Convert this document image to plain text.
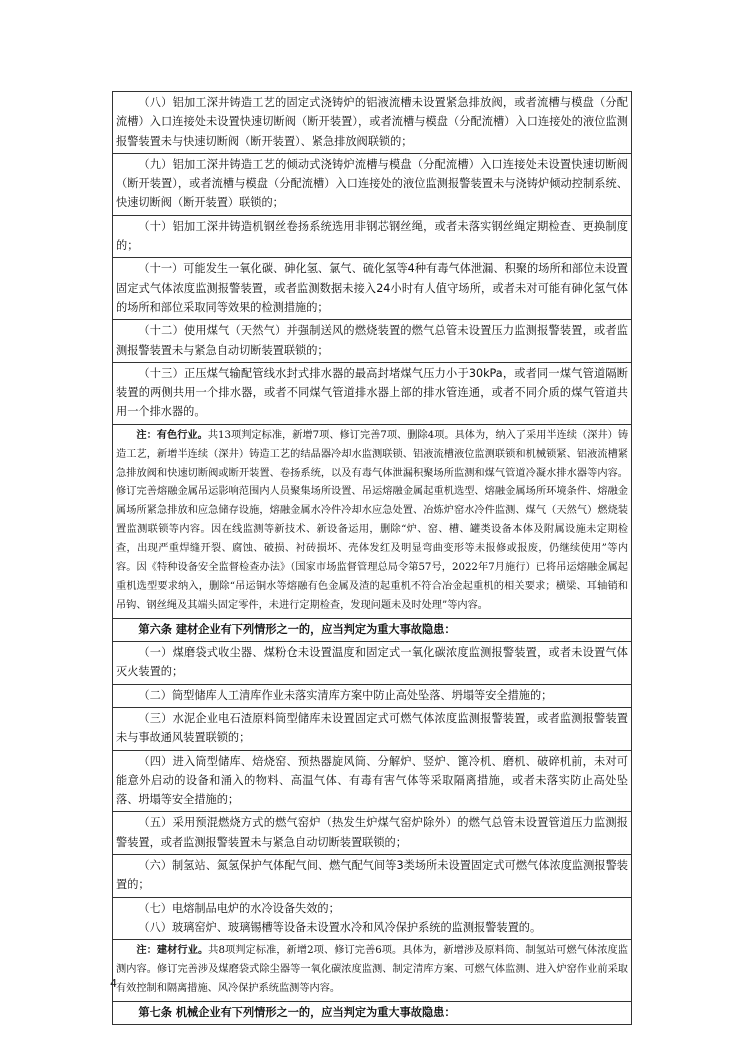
（八）铝加工深井铸造工艺的固定式浇铸炉的铝液流槽未设置紧急排放阀，或者流槽与模盘（分配流槽）入口连接处未设置快速切断阀（断开装置），或者流槽与模盘（分配流槽）入口连接处的液位监测报警装置未与快速切断阀（断开装置）、紧急排放阀联锁的；

（九）铝加工深井铸造工艺的倾动式浇铸炉流槽与模盘（分配流槽）入口连接处未设置快速切断阀（断开装置），或者流槽与模盘（分配流槽）入口连接处的液位监测报警装置未与浇铸炉倾动控制系统、快速切断阀（断开装置）联锁的；

（十）铝加工深井铸造机钢丝卷扬系统选用非钢芯钢丝绳，或者未落实钢丝绳定期检查、更换制度的；

（十一）可能发生一氧化碳、砷化氢、氯气、硫化氢等4种有毒气体泄漏、积聚的场所和部位未设置固定式气体浓度监测报警装置，或者监测数据未接入24小时有人值守场所，或者未对可能有砷化氢气体的场所和部位采取同等效果的检测措施的；

（十二）使用煤气（天然气）并强制送风的燃烧装置的燃气总管未设置压力监测报警装置，或者监测报警装置未与紧急自动切断装置联锁的；

（十三）正压煤气输配管线水封式排水器的最高封堵煤气压力小于30kPa，或者同一煤气管道隔断装置的两侧共用一个排水器，或者不同煤气管道排水器上部的排水管连通，或者不同介质的煤气管道共用一个排水器的。

注：有色行业。共13项判定标准，新增7项、修订完善7项、删除4项。具体为，纳入了采用半连续（深井）铸造工艺，新增半连续（深井）铸造工艺的结晶器冷却水监测联锁、铝液流槽液位监测联锁和机械锁紧、铝液流槽紧急排放阀和快速切断阀或断开装置、卷扬系统，以及有毒气体泄漏积聚场所监测和煤气管道冷凝水排水器等内容。修订完善熔融金属吊运影响范围内人员聚集场所设置、吊运熔融金属起重机选型、熔融金属场所环境条件、熔融金属场所紧急排放和应急储存设施，熔融金属水冷件冷却水应急处置、冶炼炉窑水冷件监测、煤气（天然气）燃烧装置监测联锁等内容。因在线监测等新技术、新设备运用，删除“炉、窑、槽、罐类设备本体及附属设施未定期检查，出现严重焊缝开裂、腐蚀、破损、衬砖损坏、壳体发红及明显弯曲变形等未报修或报废，仍继续使用”等内容。因《特种设备安全监督检查办法》（国家市场监督管理总局令第57号，2022年7月施行）已将吊运熔融金属起重机选型要求纳入，删除“吊运铜水等熔融有色金属及渣的起重机不符合冶金起重机的相关要求；横梁、耳轴销和吊钩、钢丝绳及其端头固定零件，未进行定期检查，发现问题未及时处理”等内容。

第六条 建材企业有下列情形之一的，应当判定为重大事故隐患：

（一）煤磨袋式收尘器、煤粉仓未设置温度和固定式一氧化碳浓度监测报警装置，或者未设置气体灭火装置的；

（二）筒型储库人工清库作业未落实清库方案中防止高处坠落、坍塌等安全措施的；

（三）水泥企业电石渣原料筒型储库未设置固定式可燃气体浓度监测报警装置，或者监测报警装置未与事故通风装置联锁的；

（四）进入筒型储库、焙烧窑、预热器旋风筒、分解炉、竖炉、篦冷机、磨机、破碎机前，未对可能意外启动的设备和涌入的物料、高温气体、有毒有害气体等采取隔离措施，或者未落实防止高处坠落、坍塌等安全措施的；

（五）采用预混燃烧方式的燃气窑炉（热发生炉煤气窑炉除外）的燃气总管未设置管道压力监测报警装置，或者监测报警装置未与紧急自动切断装置联锁的；

（六）制氢站、氮氢保护气体配气间、燃气配气间等3类场所未设置固定式可燃气体浓度监测报警装置的；

（七）电熔制品电炉的水冷设备失效的；

（八）玻璃窑炉、玻璃锡槽等设备未设置水冷和风冷保护系统的监测报警装置的。

注：建材行业。共8项判定标准，新增2项、修订完善6项。具体为，新增涉及原料筒、制氢站可燃气体浓度监测内容。修订完善涉及煤磨袋式除尘器等一氧化碳浓度监测、制定清库方案、可燃气体监测、进入炉窑作业前采取有效控制和隔离措施、风冷保护系统监测等内容。

第七条 机械企业有下列情形之一的，应当判定为重大事故隐患：

4
